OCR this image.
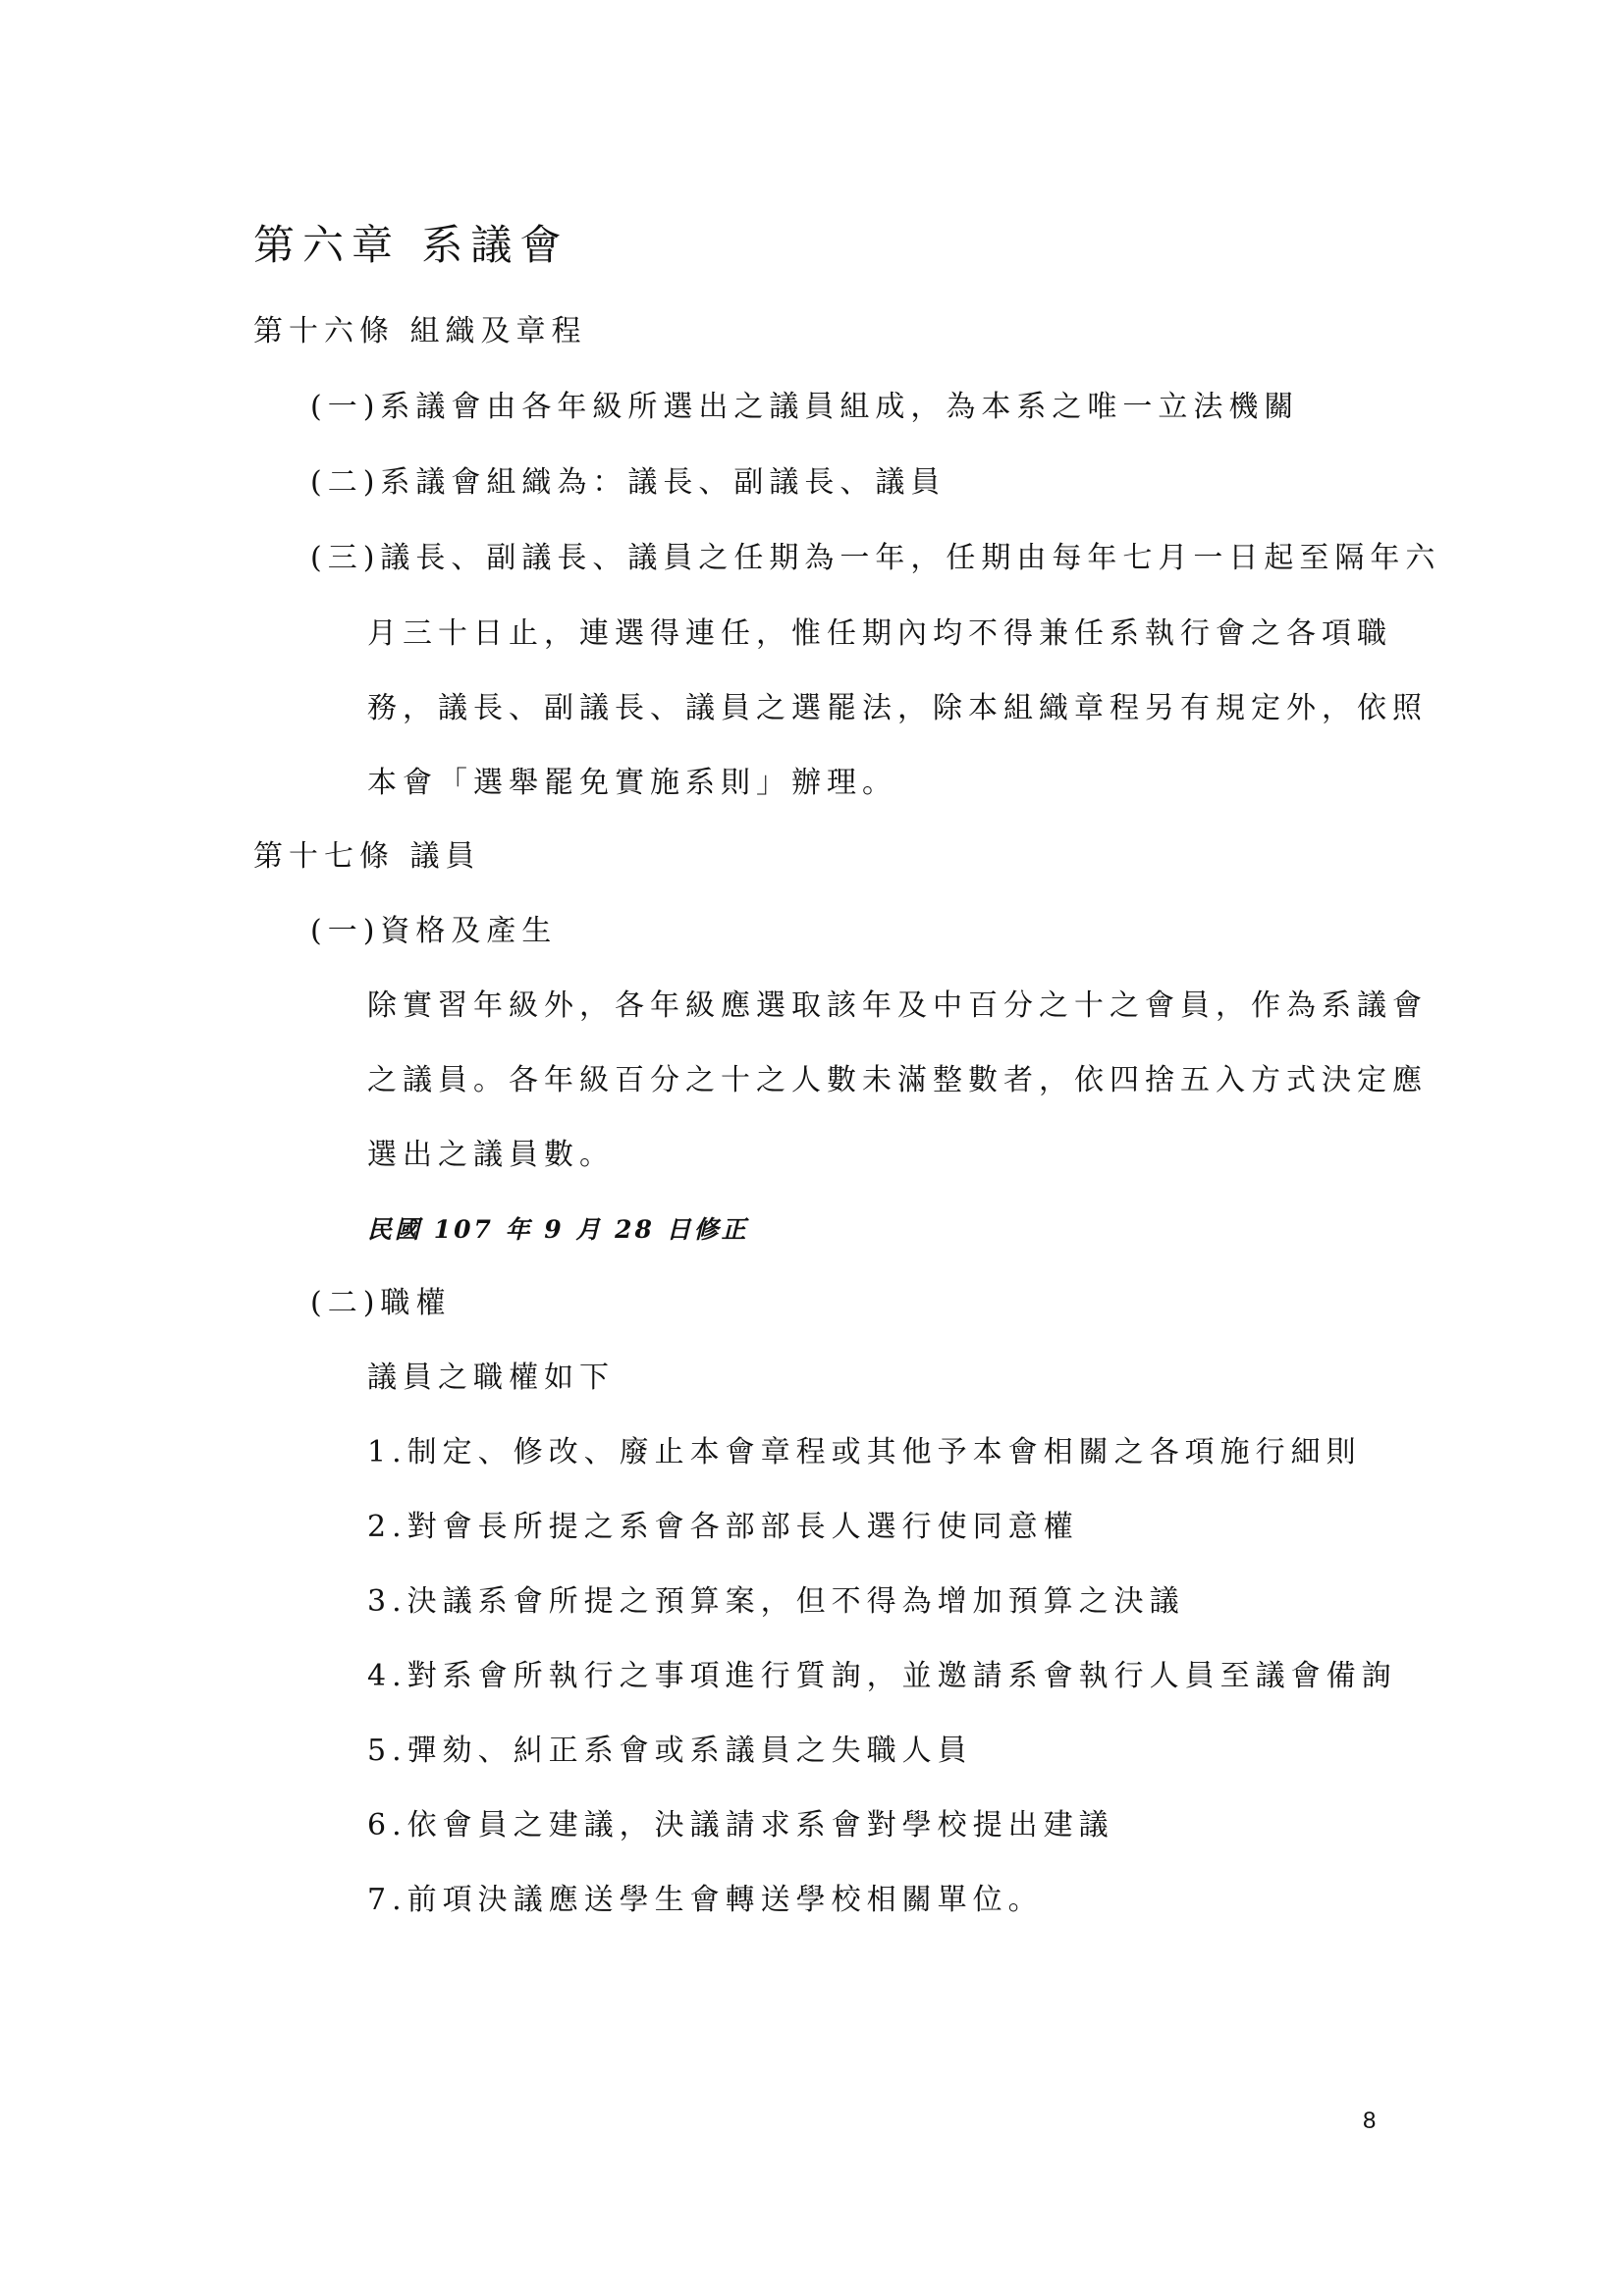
第六章 系議會
第十六條 組織及章程
(一)系議會由各年級所選出之議員組成，為本系之唯一立法機關
(二)系議會組織為：議長、副議長、議員
(三)議長、副議長、議員之任期為一年，任期由每年七月一日起至隔年六
月三十日止，連選得連任，惟任期內均不得兼任系執行會之各項職
務，議長、副議長、議員之選罷法，除本組織章程另有規定外，依照
本會「選舉罷免實施系則」辦理。
第十七條 議員
(一)資格及產生
除實習年級外，各年級應選取該年及中百分之十之會員，作為系議會
之議員。各年級百分之十之人數未滿整數者，依四捨五入方式決定應
選出之議員數。
民國 107 年 9 月 28 日修正
(二)職權
議員之職權如下
1.制定、修改、廢止本會章程或其他予本會相關之各項施行細則
2.對會長所提之系會各部部長人選行使同意權
3.決議系會所提之預算案，但不得為增加預算之決議
4.對系會所執行之事項進行質詢，並邀請系會執行人員至議會備詢
5.彈劾、糾正系會或系議員之失職人員
6.依會員之建議，決議請求系會對學校提出建議
7.前項決議應送學生會轉送學校相關單位。
8
